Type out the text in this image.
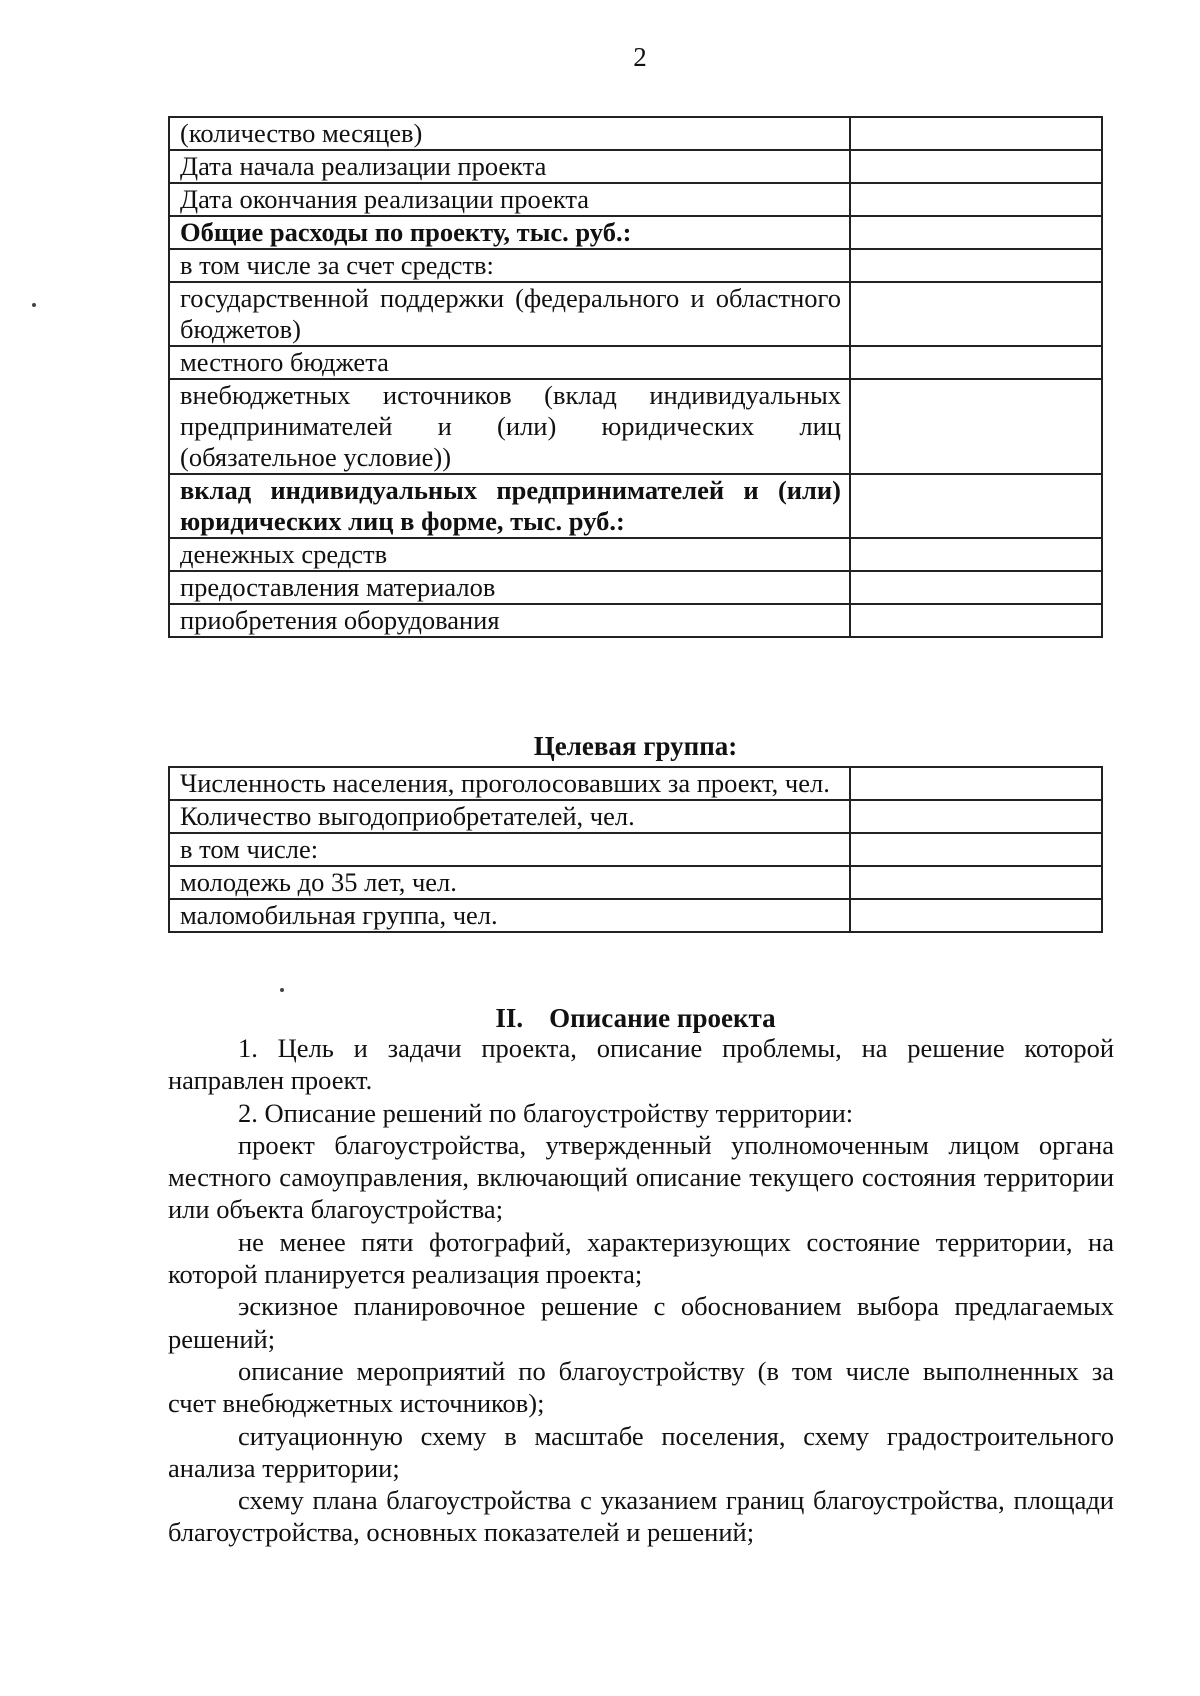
2
(количество месяцев)	
Дата начала реализации проекта	
Дата окончания реализации проекта	
Общие расходы по проекту, тыс. руб.:	
в том числе за счет средств:	
государственной поддержки (федерального и областного бюджетов)	
местного бюджета	
внебюджетных источников (вклад индивидуальных предпринимателей и (или) юридических лиц (обязательное условие))	
вклад индивидуальных предпринимателей и (или) юридических лиц в форме, тыс. руб.:	
денежных средств	
предоставления материалов	
приобретения оборудования	
Целевая группа:
Численность населения, проголосовавших за проект, чел.	
Количество выгодоприобретателей, чел.	
в том числе:	
молодежь до 35 лет, чел.	
маломобильная группа, чел.	
II. Описание проекта

1. Цель и задачи проекта, описание проблемы, на решение которой направлен проект.

2. Описание решений по благоустройству территории:

проект благоустройства, утвержденный уполномоченным лицом органа местного самоуправления, включающий описание текущего состояния территории или объекта благоустройства;

не менее пяти фотографий, характеризующих состояние территории, на которой планируется реализация проекта;

эскизное планировочное решение с обоснованием выбора предлагаемых решений;

описание мероприятий по благоустройству (в том числе выполненных за счет внебюджетных источников);

ситуационную схему в масштабе поселения, схему градостроительного анализа территории;

схему плана благоустройства с указанием границ благоустройства, площади благоустройства, основных показателей и решений;
